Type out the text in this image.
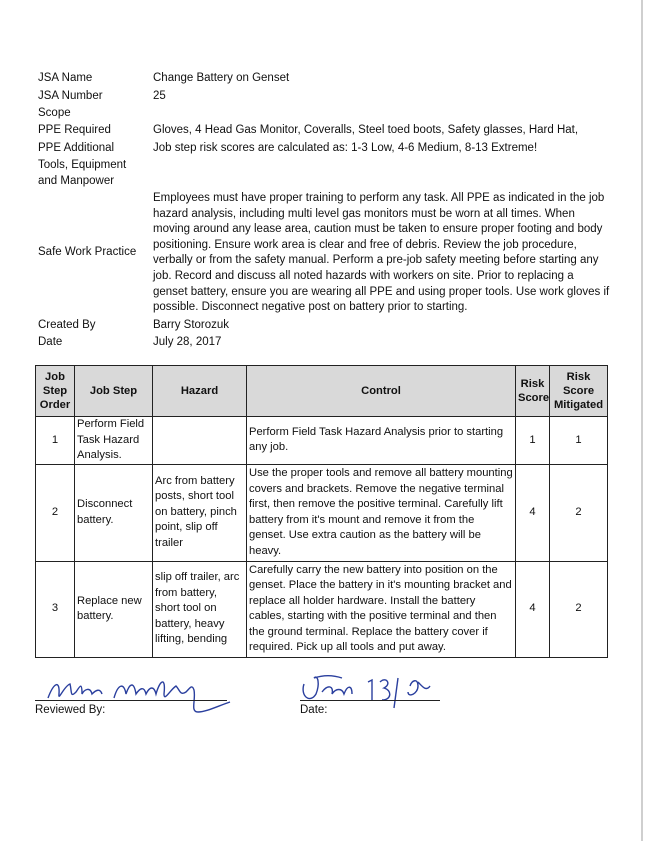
JSA Name	Change Battery on Genset
JSA Number	25
Scope
PPE Required	Gloves, 4 Head Gas Monitor, Coveralls, Steel toed boots, Safety glasses, Hard Hat,
PPE Additional	Job step risk scores are calculated as: 1-3 Low, 4-6 Medium, 8-13 Extreme!
Tools, Equipment
and Manpower
Safe Work Practice
Employees must have proper training to perform any task. All PPE as indicated in the job hazard analysis, including multi level gas monitors must be worn at all times. When moving around any lease area, caution must be taken to ensure proper footing and body positioning. Ensure work area is clear and free of debris. Review the job procedure, verbally or from the safety manual. Perform a pre-job safety meeting before starting any job. Record and discuss all noted hazards with workers on site. Prior to replacing a genset battery, ensure you are wearing all PPE and using proper tools. Use work gloves if possible. Disconnect negative post on battery prior to starting.
Created By	Barry Storozuk
Date	July 28, 2017
Job Step Order	Job Step	Hazard	Control	Risk Score	Risk Score Mitigated
1	Perform Field Task Hazard Analysis.		Perform Field Task Hazard Analysis prior to starting any job.	1	1
2	Disconnect battery.	Arc from battery posts, short tool on battery, pinch point, slip off trailer	Use the proper tools and remove all battery mounting covers and brackets. Remove the negative terminal first, then remove the positive terminal. Carefully lift battery from it's mount and remove it from the genset. Use extra caution as the battery will be heavy.	4	2
3	Replace new battery.	slip off trailer, arc from battery, short tool on battery, heavy lifting, bending	Carefully carry the new battery into position on the genset. Place the battery in it's mounting bracket and replace all holder hardware. Install the battery cables, starting with the positive terminal and then the ground terminal. Replace the battery cover if required. Pick up all tools and put away.	4	2
Reviewed By:	Date:
